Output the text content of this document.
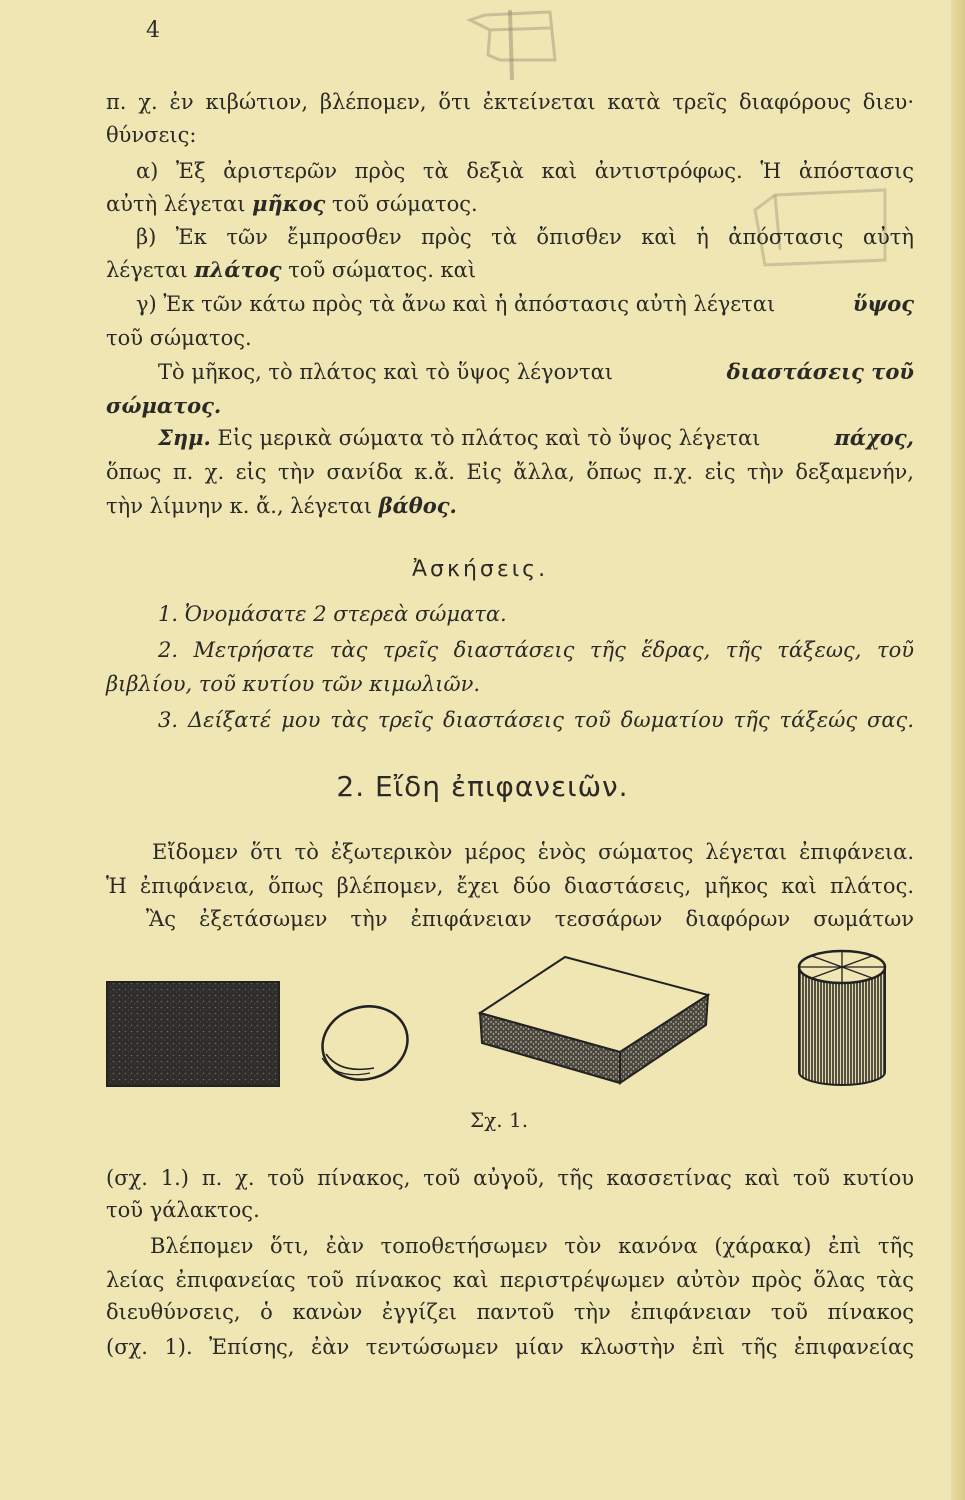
4
π. χ. ἐν κιβώτιον, βλέπομεν, ὅτι ἐκτείνεται κατὰ τρεῖς διαφόρους διευ·
θύνσεις:
α) Ἐξ ἀριστερῶν πρὸς τὰ δεξιὰ καὶ ἀντιστρόφως. Ἡ ἀπόστασις
αὐτὴ λέγεται μῆκος τοῦ σώματος.
β) Ἐκ τῶν ἔμπροσθεν πρὸς τὰ ὄπισθεν καὶ ἡ ἀπόστασις αὐτὴ
λέγεται πλάτος τοῦ σώματος. καὶ
γ) Ἐκ τῶν κάτω πρὸς τὰ ἄνω καὶ ἡ ἀπόστασις αὐτὴ λέγεται	ὕψος
τοῦ σώματος.
Τὸ μῆκος, τὸ πλάτος καὶ τὸ ὕψος λέγονται	διαστάσεις τοῦ
σώματος.
Σημ. Εἰς μερικὰ σώματα τὸ πλάτος καὶ τὸ ὕψος λέγεται	πάχος,
ὅπως π. χ. εἰς τὴν σανίδα κ.ἄ. Εἰς ἄλλα, ὅπως π.χ. εἰς τὴν δεξαμενήν,
τὴν λίμνην κ. ἄ., λέγεται βάθος.
Ἀσκήσεις.
1. Ὀνομάσατε 2 στερεὰ σώματα.
2. Μετρήσατε τὰς τρεῖς διαστάσεις τῆς ἕδρας, τῆς τάξεως, τοῦ
βιβλίου, τοῦ κυτίου τῶν κιμωλιῶν.
3. Δείξατέ μου τὰς τρεῖς διαστάσεις τοῦ δωματίου τῆς τάξεώς σας.
2. Εἴδη ἐπιφανειῶν.
Εἴδομεν ὅτι τὸ ἐξωτερικὸν μέρος ἑνὸς σώματος λέγεται ἐπιφάνεια.
Ἡ ἐπιφάνεια, ὅπως βλέπομεν, ἔχει δύο διαστάσεις, μῆκος καὶ πλάτος.
Ἂς ἐξετάσωμεν τὴν ἐπιφάνειαν τεσσάρων διαφόρων σωμάτων
Σχ. 1.
(σχ. 1.) π. χ. τοῦ πίνακος, τοῦ αὐγοῦ, τῆς κασσετίνας καὶ τοῦ κυτίου
τοῦ γάλακτος.
Βλέπομεν ὅτι, ἐὰν τοποθετήσωμεν τὸν κανόνα (χάρακα) ἐπὶ τῆς
λείας ἐπιφανείας τοῦ πίνακος καὶ περιστρέψωμεν αὐτὸν πρὸς ὅλας τὰς
διευθύνσεις, ὁ κανὼν ἐγγίζει παντοῦ τὴν ἐπιφάνειαν τοῦ πίνακος
(σχ. 1). Ἐπίσης, ἐὰν τεντώσωμεν μίαν κλωστὴν ἐπὶ τῆς ἐπιφανείας
